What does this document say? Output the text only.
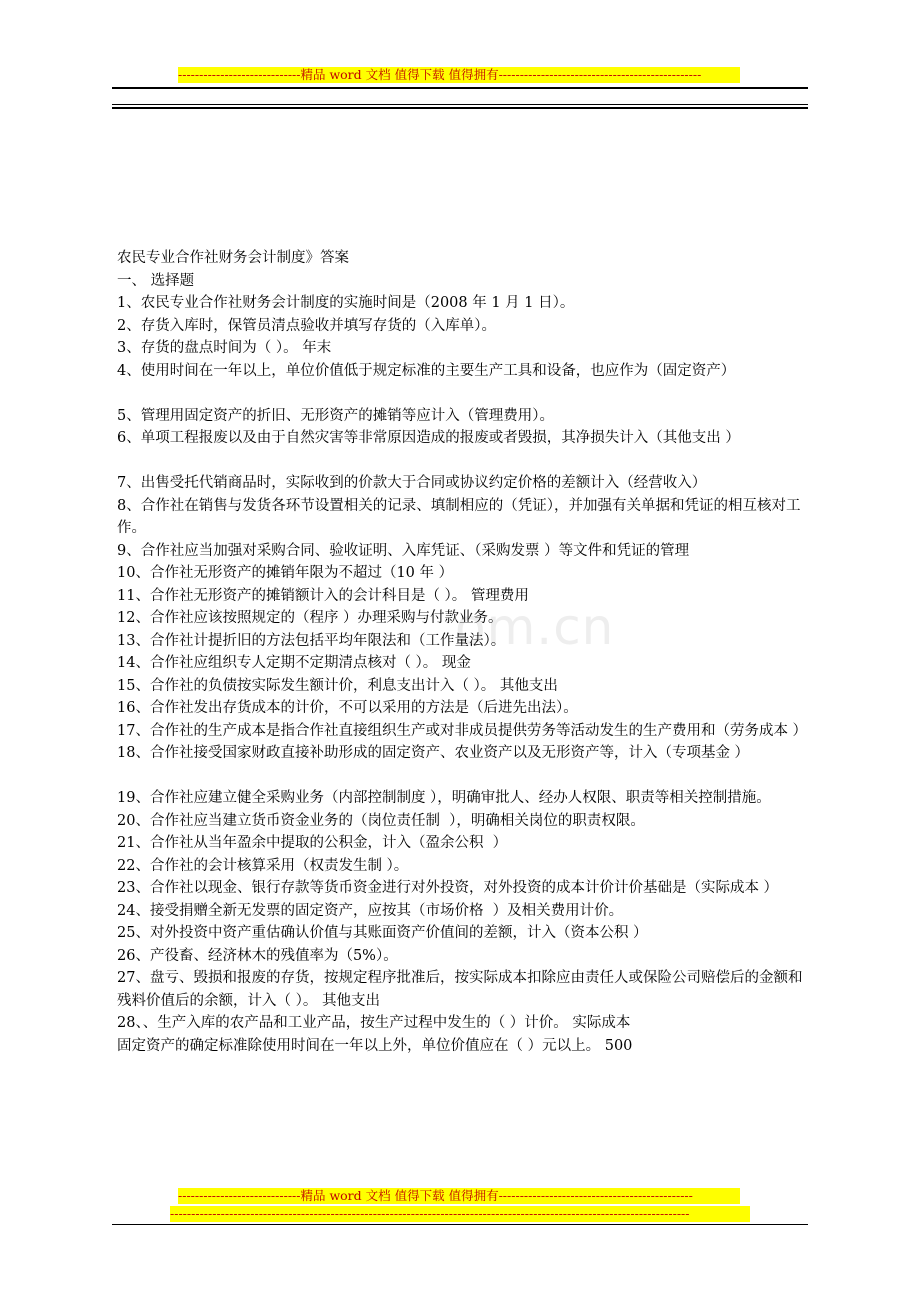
-----------------------------精品 word 文档 值得下载 值得拥有------------------------------------------------
om.cn
农民专业合作社财务会计制度》答案
一、 选择题
1、农民专业合作社财务会计制度的实施时间是（2008 年 1 月 1 日）。
2、存货入库时，保管员清点验收并填写存货的（入库单）。
3、存货的盘点时间为（ ）。 年末
4、使用时间在一年以上，单位价值低于规定标准的主要生产工具和设备，也应作为（固定资产）
5、管理用固定资产的折旧、无形资产的摊销等应计入（管理费用）。
6、单项工程报废以及由于自然灾害等非常原因造成的报废或者毁损，其净损失计入（其他支出 ）
7、出售受托代销商品时，实际收到的价款大于合同或协议约定价格的差额计入（经营收入）
8、合作社在销售与发货各环节设置相关的记录、填制相应的（凭证），并加强有关单据和凭证的相互核对工作。
9、合作社应当加强对采购合同、验收证明、入库凭证、（采购发票 ）等文件和凭证的管理
10、合作社无形资产的摊销年限为不超过（10 年 ）
11、合作社无形资产的摊销额计入的会计科目是（ ）。 管理费用
12、合作社应该按照规定的（程序 ）办理采购与付款业务。
13、合作社计提折旧的方法包括平均年限法和（工作量法）。
14、合作社应组织专人定期不定期清点核对（ ）。 现金
15、合作社的负债按实际发生额计价，利息支出计入（ ）。 其他支出
16、合作社发出存货成本的计价，不可以采用的方法是（后进先出法）。
17、合作社的生产成本是指合作社直接组织生产或对非成员提供劳务等活动发生的生产费用和（劳务成本 ）
18、合作社接受国家财政直接补助形成的固定资产、农业资产以及无形资产等，计入（专项基金 ）
19、合作社应建立健全采购业务（内部控制制度 ），明确审批人、经办人权限、职责等相关控制措施。
20、合作社应当建立货币资金业务的（岗位责任制  ），明确相关岗位的职责权限。
21、合作社从当年盈余中提取的公积金，计入（盈余公积  ）
22、合作社的会计核算采用（权责发生制 ）。
23、合作社以现金、银行存款等货币资金进行对外投资，对外投资的成本计价计价基础是（实际成本 ）
24、接受捐赠全新无发票的固定资产，应按其（市场价格  ）及相关费用计价。
25、对外投资中资产重估确认价值与其账面资产价值间的差额，计入（资本公积 ）
26、产役畜、经济林木的残值率为（5%）。
27、盘亏、毁损和报废的存货，按规定程序批准后，按实际成本扣除应由责任人或保险公司赔偿后的金额和残料价值后的余额，计入（ ）。 其他支出
28、、生产入库的农产品和工业产品，按生产过程中发生的（ ）计价。 实际成本
固定资产的确定标准除使用时间在一年以上外，单位价值应在（ ）元以上。 500
-----------------------------精品 word 文档 值得下载 值得拥有----------------------------------------------
---------------------------------------------------------------------------------------------------------------------------
